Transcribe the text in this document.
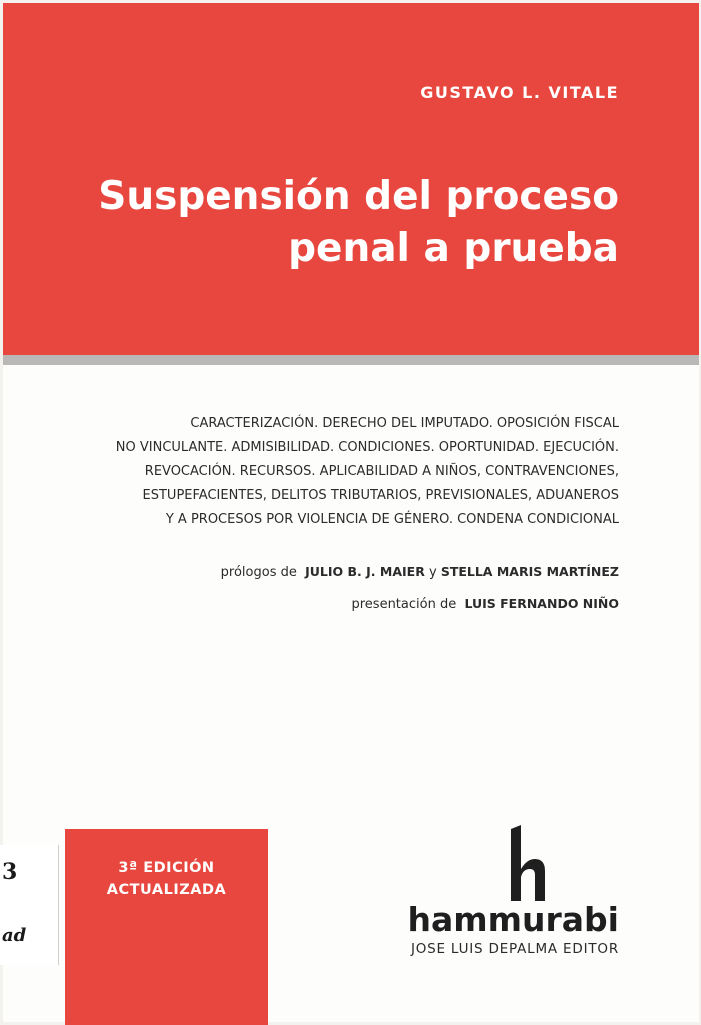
GUSTAVO L. VITALE
Suspensión del proceso
penal a prueba
CARACTERIZACIÓN. DERECHO DEL IMPUTADO. OPOSICIÓN FISCAL
NO VINCULANTE. ADMISIBILIDAD. CONDICIONES. OPORTUNIDAD. EJECUCIÓN.
REVOCACIÓN. RECURSOS. APLICABILIDAD A NIÑOS, CONTRAVENCIONES,
ESTUPEFACIENTES, DELITOS TRIBUTARIOS, PREVISIONALES, ADUANEROS
Y A PROCESOS POR VIOLENCIA DE GÉNERO. CONDENA CONDICIONAL
prólogos de JULIO B. J. MAIER y STELLA MARIS MARTÍNEZ
presentación de LUIS FERNANDO NIÑO
3ª EDICIÓN
ACTUALIZADA
hammurabi
JOSE LUIS DEPALMA EDITOR
3
ad
